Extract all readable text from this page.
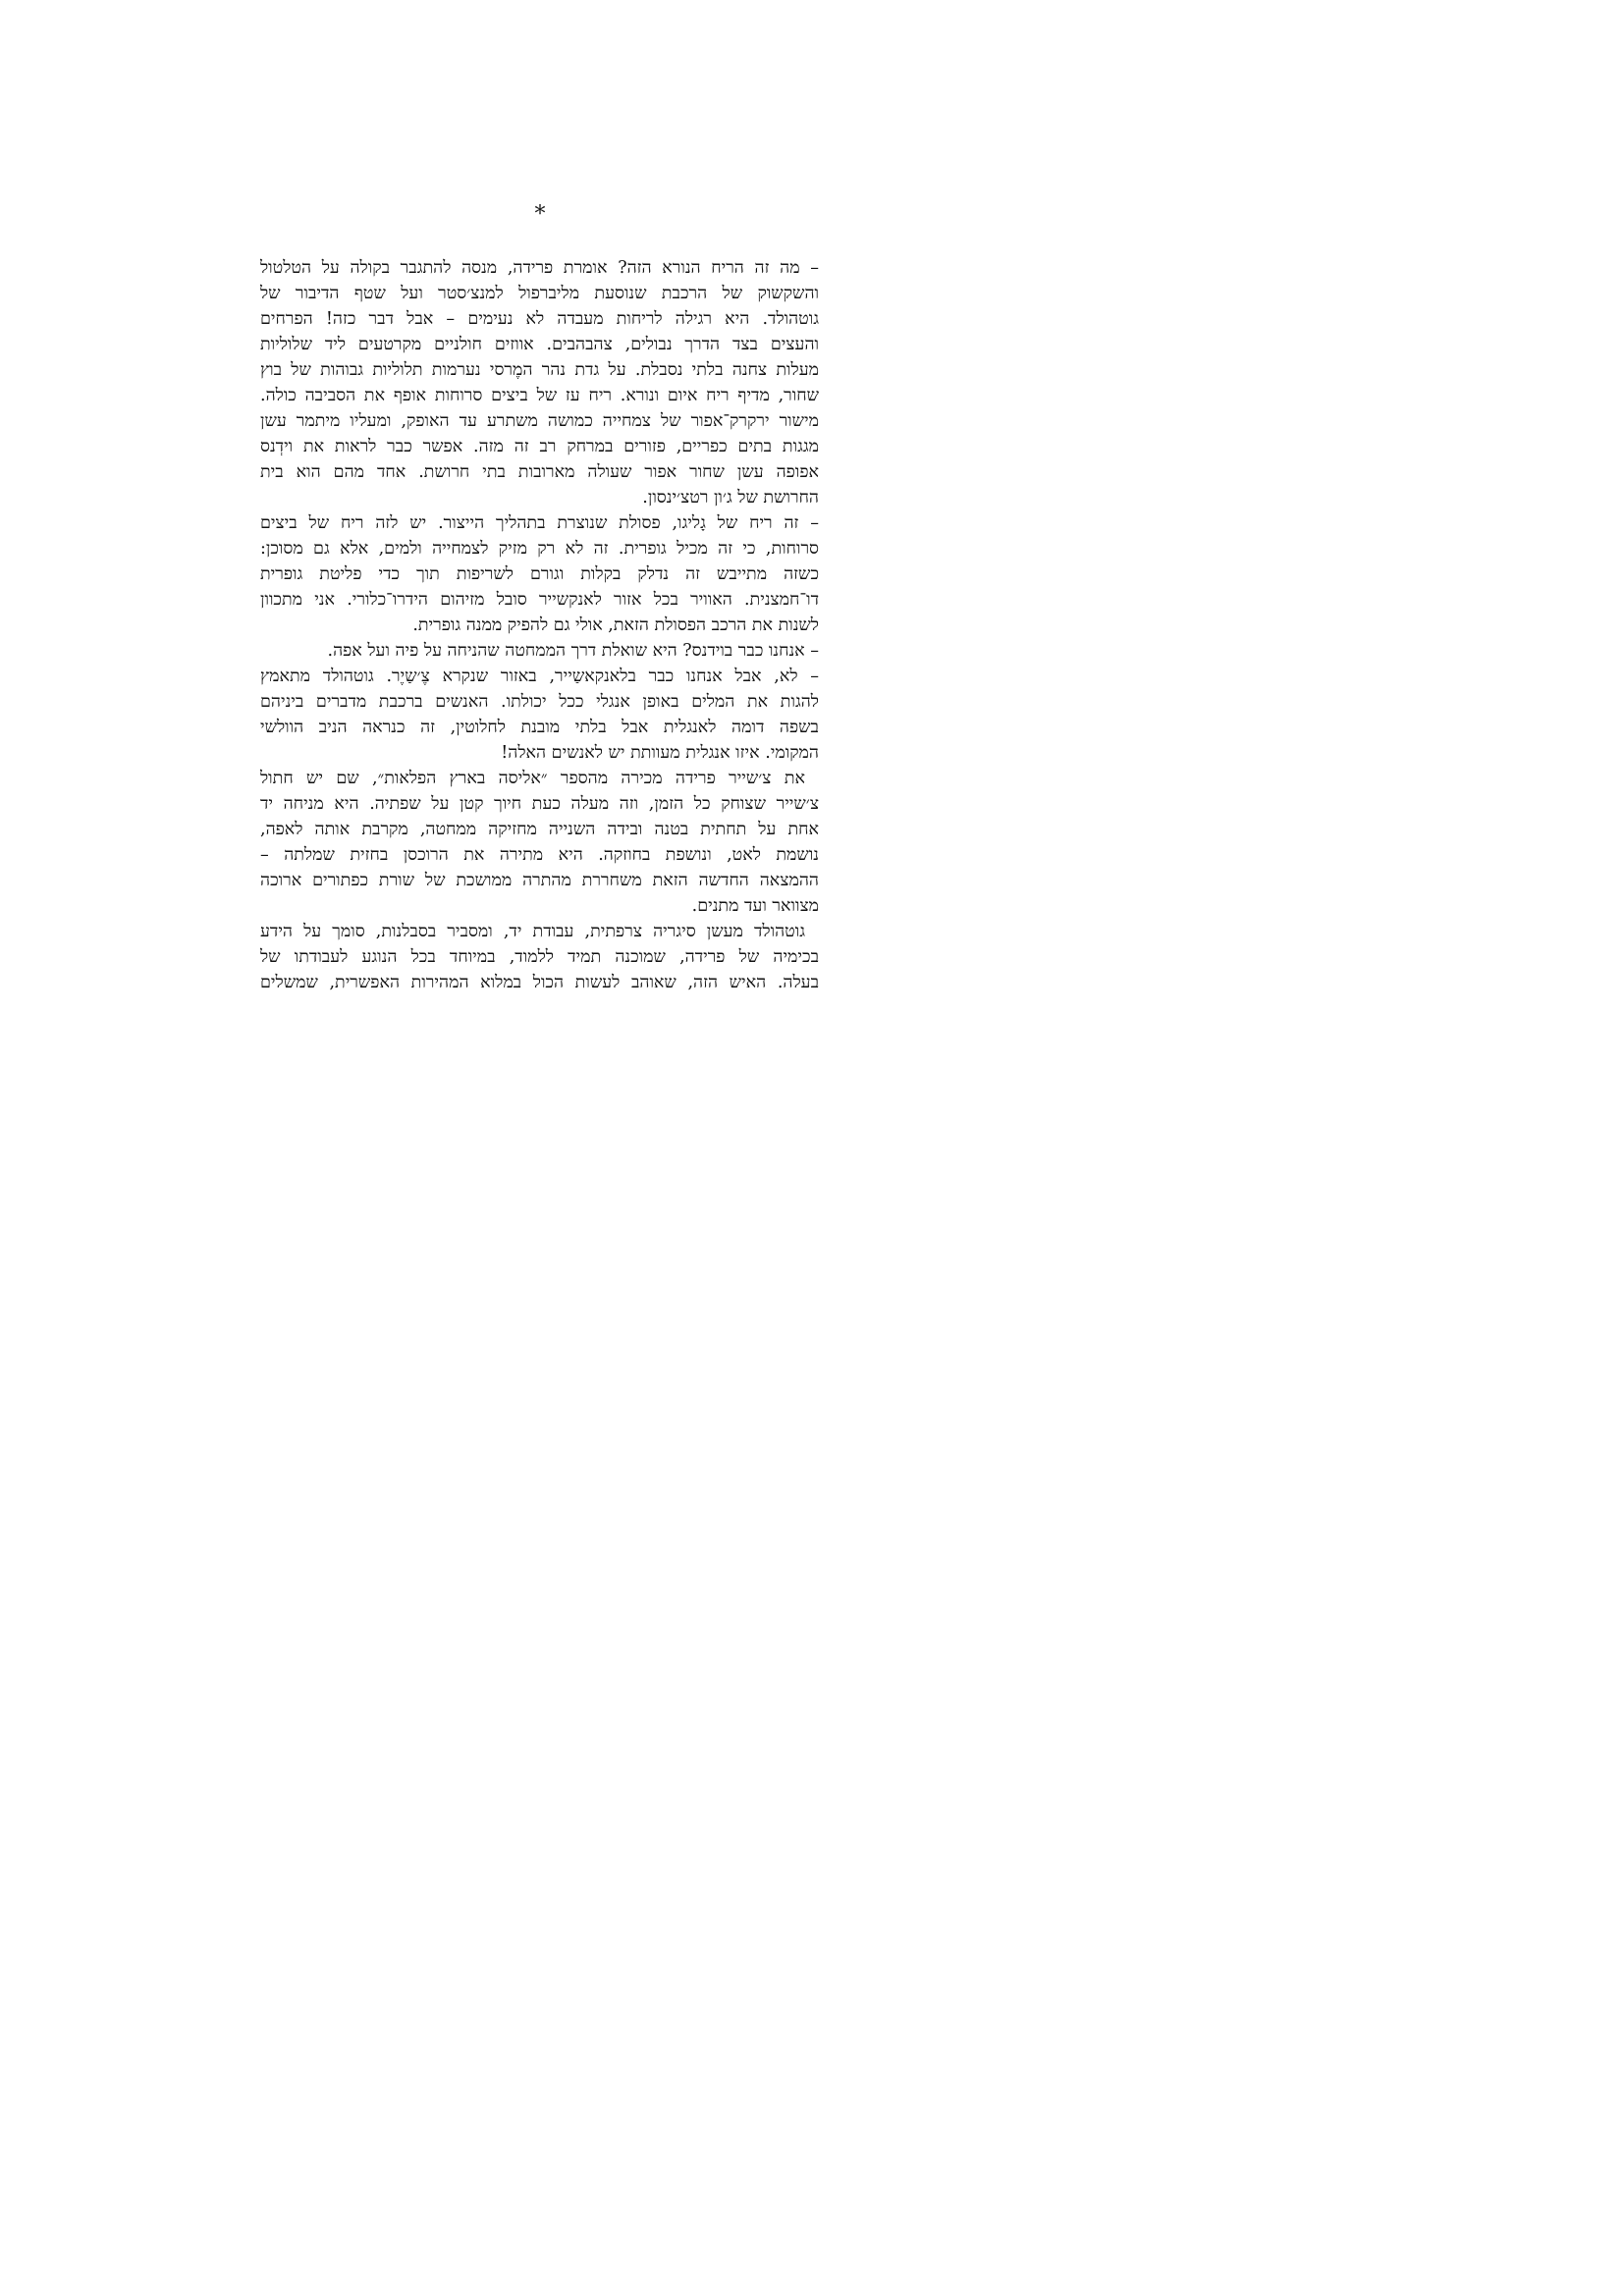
*

– מה זה הריח הנורא הזה? אומרת פרידה, מנסה להתגבר בקולה על הטלטול
והשקשוק של הרכבת שנוסעת מליברפול למנצ׳סטר ועל שטף הדיבור של
גוטהולד. היא רגילה לריחות מעבדה לא נעימים – אבל דבר כזה! הפרחים
והעצים בצד הדרך נבולים, צהבהבים. אווזים חולניים מקרטעים ליד שלוליות
מעלות צחנה בלתי נסבלת. על גדת נהר המֶרסי נערמות תלוליות גבוהות של בוץ
שחור, מדיף ריח איום ונורא. ריח עז של ביצים סרוחות אופף את הסביבה כולה.
מישור ירקרק־אפור של צמחייה כמושה משתרע עד האופק, ומעליו מיתמר עשן
מגגות בתים כפריים, פזורים במרחק רב זה מזה. אפשר כבר לראות את וידְנס
אפופה עשן שחור אפור שעולה מארובות בתי חרושת. אחד מהם הוא בית
החרושת של ג׳ון רטצ׳ינסון.

– זה ריח של גָליגו, פסולת שנוצרת בתהליך הייצור. יש לזה ריח של ביצים
סרוחות, כי זה מכיל גופרית. זה לא רק מזיק לצמחייה ולמים, אלא גם מסוכן:
כשזה מתייבש זה נדלק בקלות וגורם לשריפות תוך כדי פליטת גופרית
דו־חמצנית. האוויר בכל אזור לאנקשייר סובל מזיהום הידרו־כלורי. אני מתכוון
לשנות את הרכב הפסולת הזאת, אולי גם להפיק ממנה גופרית.

– אנחנו כבר בוידנס? היא שואלת דרך הממחטה שהניחה על פיה ועל אפה.

– לא, אבל אנחנו כבר בלאנקאשַייר, באזור שנקרא צֶ׳שַיֶר. גוטהולד מתאמץ
להגות את המלים באופן אנגלי ככל יכולתו. האנשים ברכבת מדברים ביניהם
בשפה דומה לאנגלית אבל בלתי מובנת לחלוטין, זה כנראה הניב הוולשי
המקומי. איזו אנגלית מעוותת יש לאנשים האלה!

את צ׳שייר פרידה מכירה מהספר ״אליסה בארץ הפלאות״, שם יש חתול
צ׳שייר שצוחק כל הזמן, וזה מעלה כעת חיוך קטן על שפתיה. היא מניחה יד
אחת על תחתית בטנה ובידה השנייה מחזיקה ממחטה, מקרבת אותה לאפה,
נושמת לאט, ונושפת בחוזקה. היא מתירה את הרוכסן בחזית שמלתה –
ההמצאה החדשה הזאת משחררת מהתרה ממושכת של שורת כפתורים ארוכה
מצוואר ועד מתנים.

גוטהולד מעשן סיגריה צרפתית, עבודת יד, ומסביר בסבלנות, סומך על הידע
בכימיה של פרידה, שמוכנה תמיד ללמוד, במיוחד בכל הנוגע לעבודתו של
בעלה. האיש הזה, שאוהב לעשות הכול במלוא המהירות האפשרית, שמשלים
